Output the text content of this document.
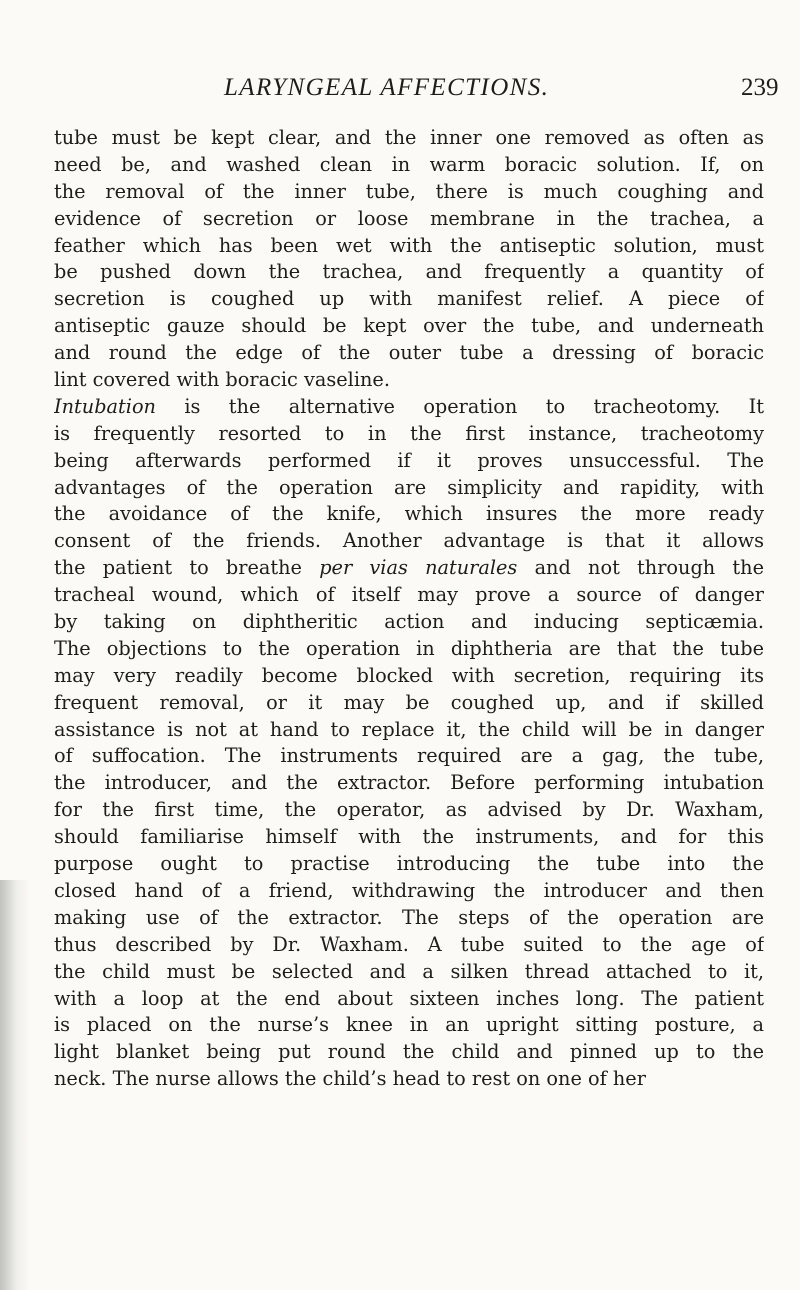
LARYNGEAL AFFECTIONS.	239
tube must be kept clear, and the inner one removed as often as
need be, and washed clean in warm boracic solution. If, on
the removal of the inner tube, there is much coughing and
evidence of secretion or loose membrane in the trachea, a
feather which has been wet with the antiseptic solution, must
be pushed down the trachea, and frequently a quantity of
secretion is coughed up with manifest relief. A piece of
antiseptic gauze should be kept over the tube, and underneath
and round the edge of the outer tube a dressing of boracic
lint covered with boracic vaseline.
Intubation is the alternative operation to tracheotomy. It
is frequently resorted to in the first instance, tracheotomy
being afterwards performed if it proves unsuccessful. The
advantages of the operation are simplicity and rapidity, with
the avoidance of the knife, which insures the more ready
consent of the friends. Another advantage is that it allows
the patient to breathe per vias naturales and not through the
tracheal wound, which of itself may prove a source of danger
by taking on diphtheritic action and inducing septicæmia.
The objections to the operation in diphtheria are that the tube
may very readily become blocked with secretion, requiring its
frequent removal, or it may be coughed up, and if skilled
assistance is not at hand to replace it, the child will be in danger
of suffocation. The instruments required are a gag, the tube,
the introducer, and the extractor. Before performing intubation
for the first time, the operator, as advised by Dr. Waxham,
should familiarise himself with the instruments, and for this
purpose ought to practise introducing the tube into the
closed hand of a friend, withdrawing the introducer and then
making use of the extractor. The steps of the operation are
thus described by Dr. Waxham. A tube suited to the age of
the child must be selected and a silken thread attached to it,
with a loop at the end about sixteen inches long. The patient
is placed on the nurse’s knee in an upright sitting posture, a
light blanket being put round the child and pinned up to the
neck. The nurse allows the child’s head to rest on one of her
